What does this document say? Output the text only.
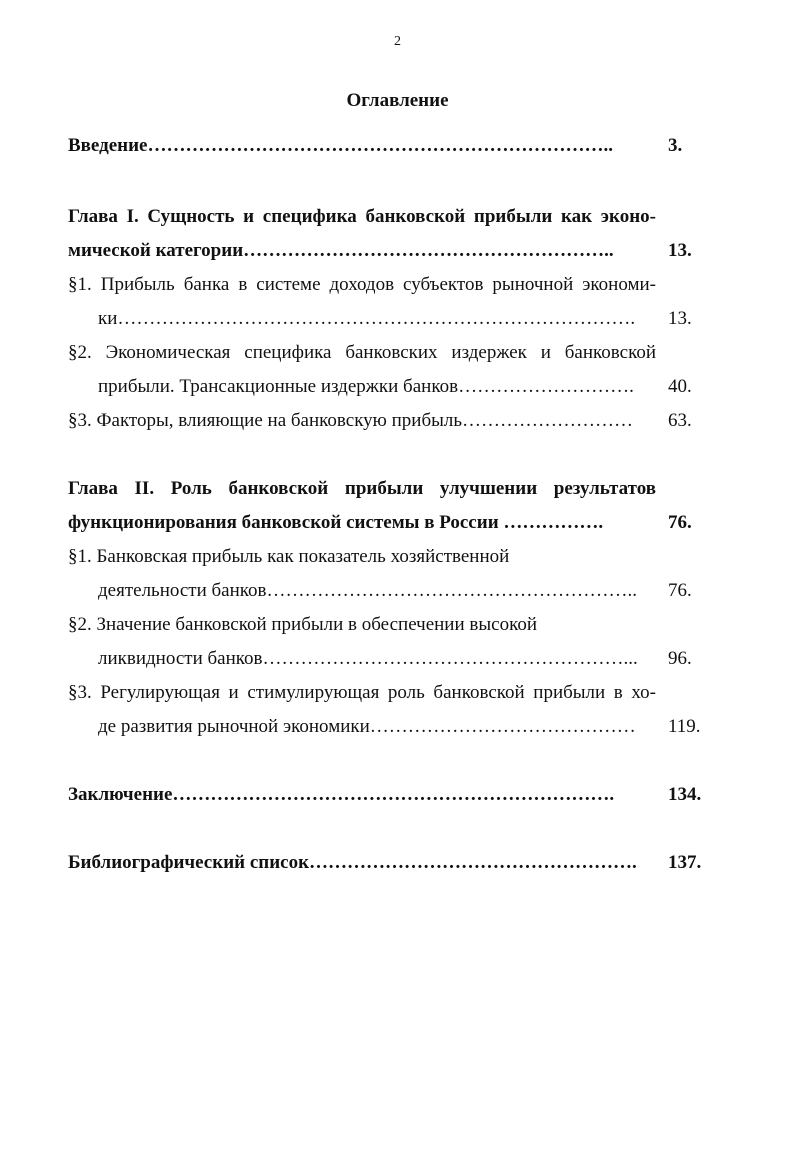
2
Оглавление
Введение………………………………………………………………..	3.
Глава I. Сущность и специфика банковской прибыли как эконо-
мической категории…………………………………………………..	13.
§1. Прибыль банка в системе доходов субъектов рыночной экономи-
ки……………………………………………………………………….	13.
§2. Экономическая специфика банковских издержек и банковской
прибыли. Трансакционные издержки банков……………………….	40.
§3. Факторы, влияющие на банковскую прибыль………………………	63.
Глава II. Роль банковской прибыли улучшении результатов
функционирования банковской системы в России …………….	76.
§1. Банковская прибыль как показатель хозяйственной
деятельности банков…………………………………………………..	76.
§2. Значение банковской прибыли в обеспечении высокой
ликвидности банков…………………………………………………...	96.
§3. Регулирующая и стимулирующая роль банковской прибыли в хо-
де развития рыночной экономики……………………………………	119.
Заключение…………………………………………………………….	134.
Библиографический список…………………………………………….	137.
